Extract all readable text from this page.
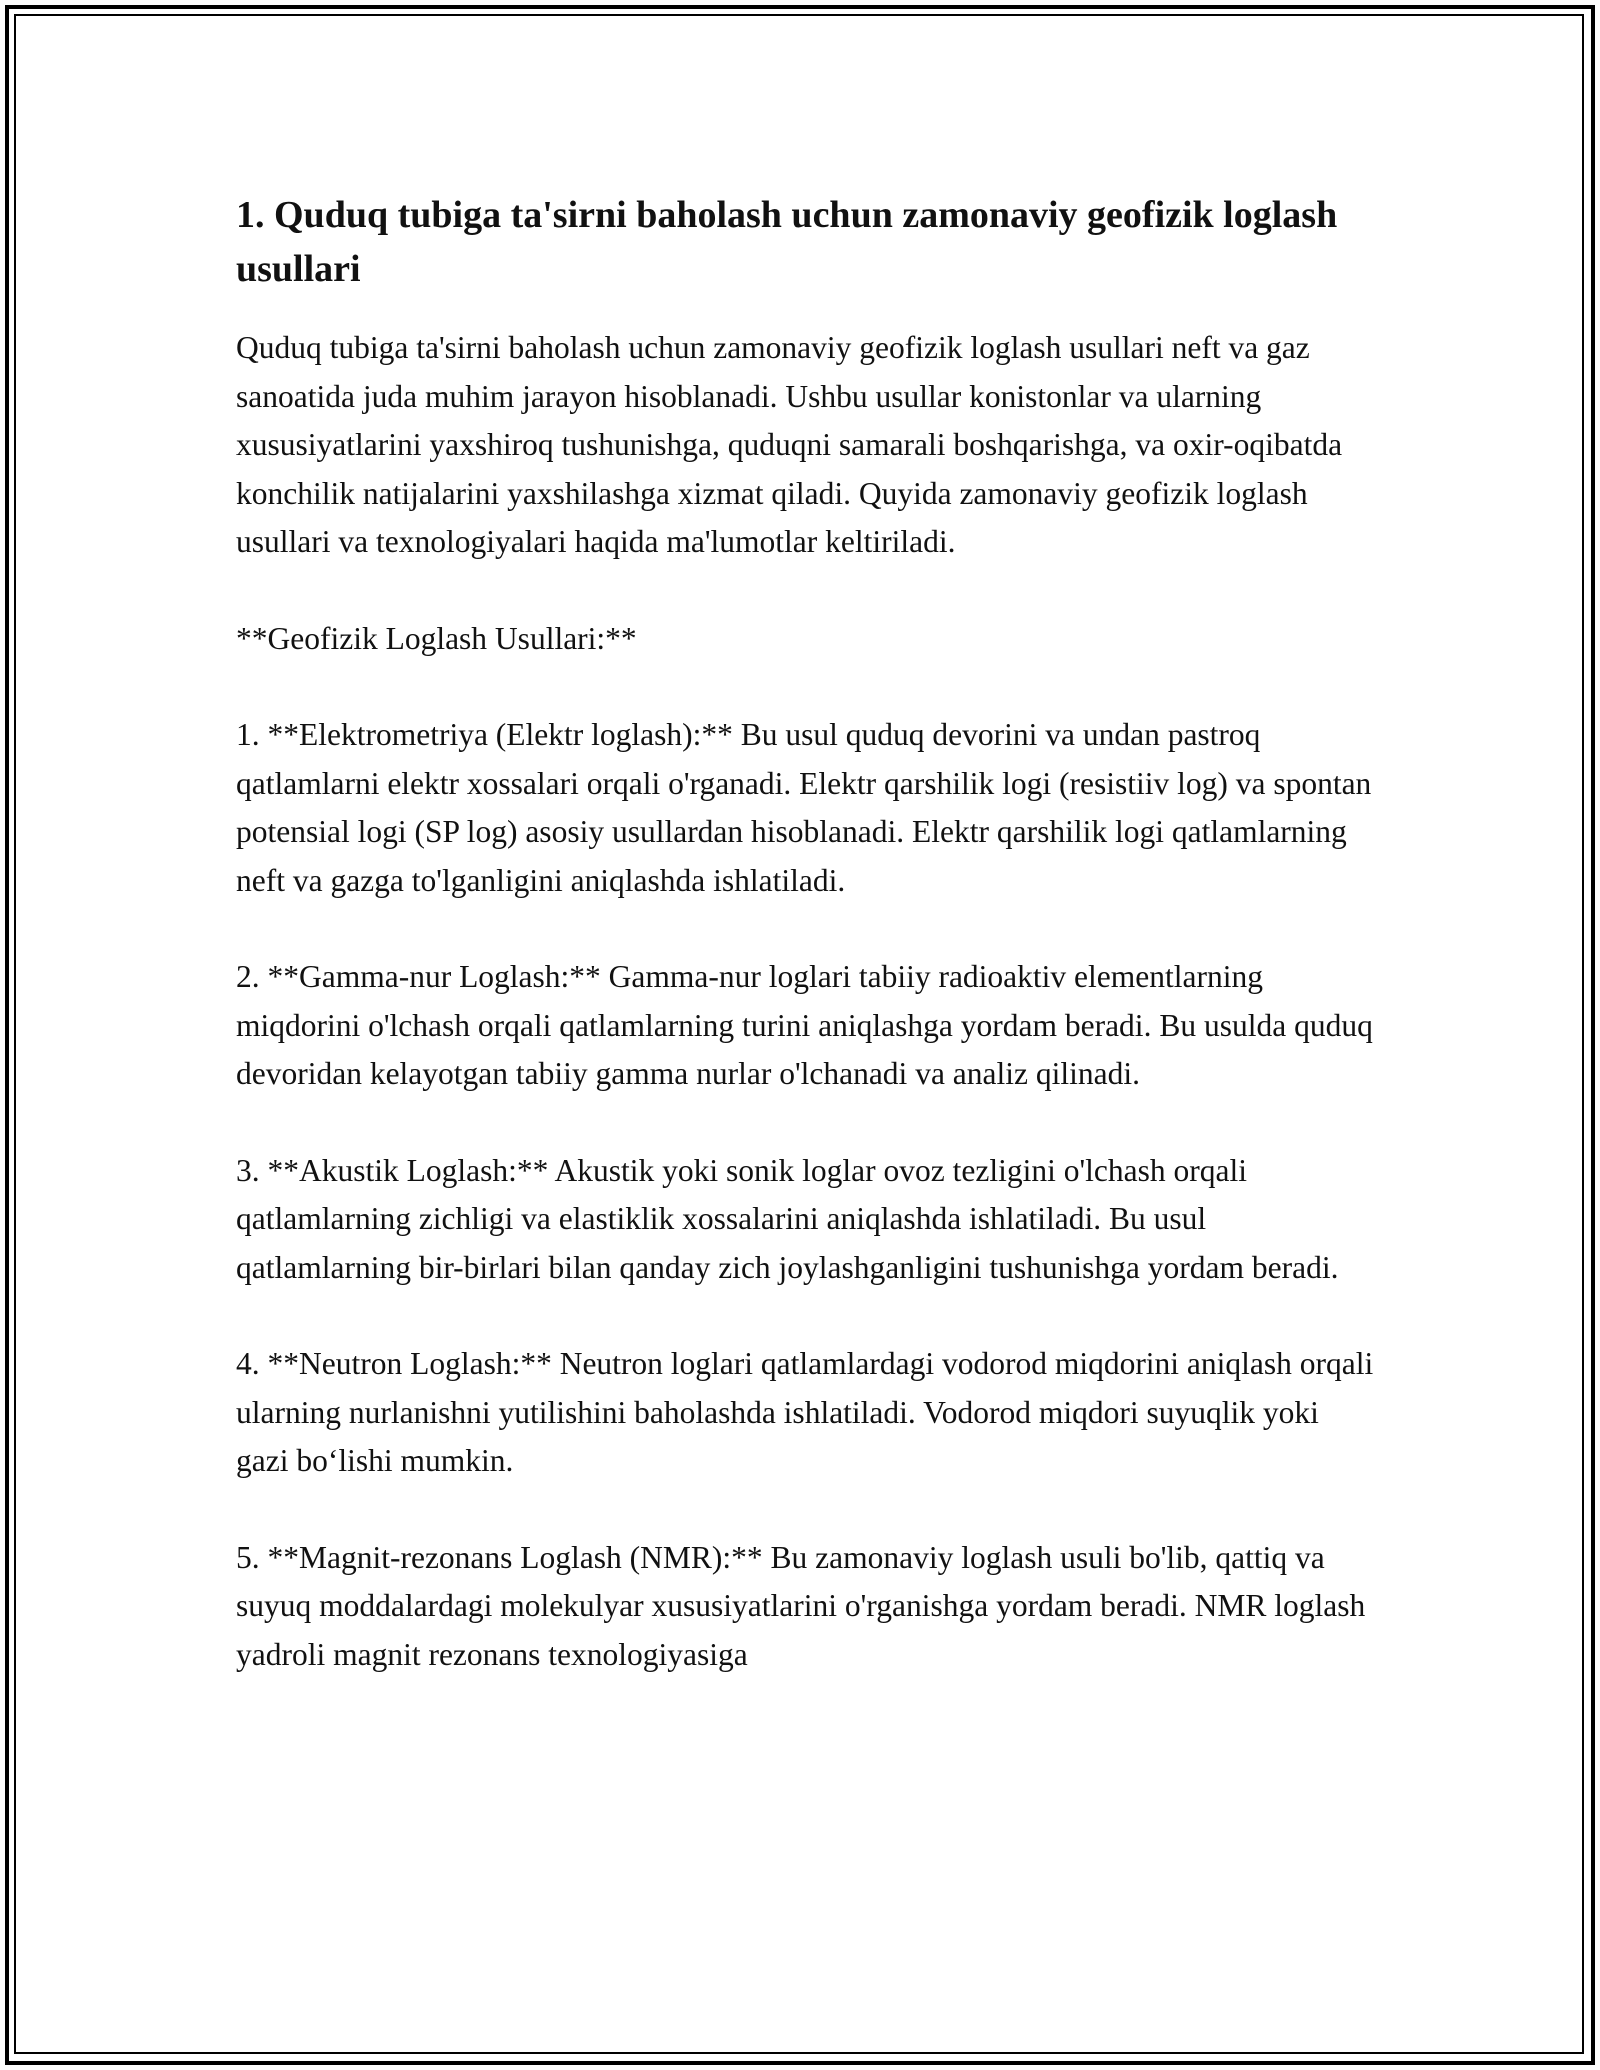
1. Quduq tubiga ta'sirni baholash uchun zamonaviy geofizik loglash usullari

Quduq tubiga ta'sirni baholash uchun zamonaviy geofizik loglash usullari neft va gaz sanoatida juda muhim jarayon hisoblanadi. Ushbu usullar konistonlar va ularning xususiyatlarini yaxshiroq tushunishga, quduqni samarali boshqarishga, va oxir-oqibatda konchilik natijalarini yaxshilashga xizmat qiladi. Quyida zamonaviy geofizik loglash usullari va texnologiyalari haqida ma'lumotlar keltiriladi.

**Geofizik Loglash Usullari:**

1. **Elektrometriya (Elektr loglash):** Bu usul quduq devorini va undan pastroq qatlamlarni elektr xossalari orqali o'rganadi. Elektr qarshilik logi (resistiiv log) va spontan potensial logi (SP log) asosiy usullardan hisoblanadi. Elektr qarshilik logi qatlamlarning neft va gazga to'lganligini aniqlashda ishlatiladi.

2. **Gamma-nur Loglash:** Gamma-nur loglari tabiiy radioaktiv elementlarning miqdorini o'lchash orqali qatlamlarning turini aniqlashga yordam beradi. Bu usulda quduq devoridan kelayotgan tabiiy gamma nurlar o'lchanadi va analiz qilinadi.

3. **Akustik Loglash:** Akustik yoki sonik loglar ovoz tezligini o'lchash orqali qatlamlarning zichligi va elastiklik xossalarini aniqlashda ishlatiladi. Bu usul qatlamlarning bir-birlari bilan qanday zich joylashganligini tushunishga yordam beradi.

4. **Neutron Loglash:** Neutron loglari qatlamlardagi vodorod miqdorini aniqlash orqali ularning nurlanishni yutilishini baholashda ishlatiladi. Vodorod miqdori suyuqlik yoki gazi bo‘lishi mumkin.

5. **Magnit-rezonans Loglash (NMR):** Bu zamonaviy loglash usuli bo'lib, qattiq va suyuq moddalardagi molekulyar xususiyatlarini o'rganishga yordam beradi. NMR loglash yadroli magnit rezonans texnologiyasiga
